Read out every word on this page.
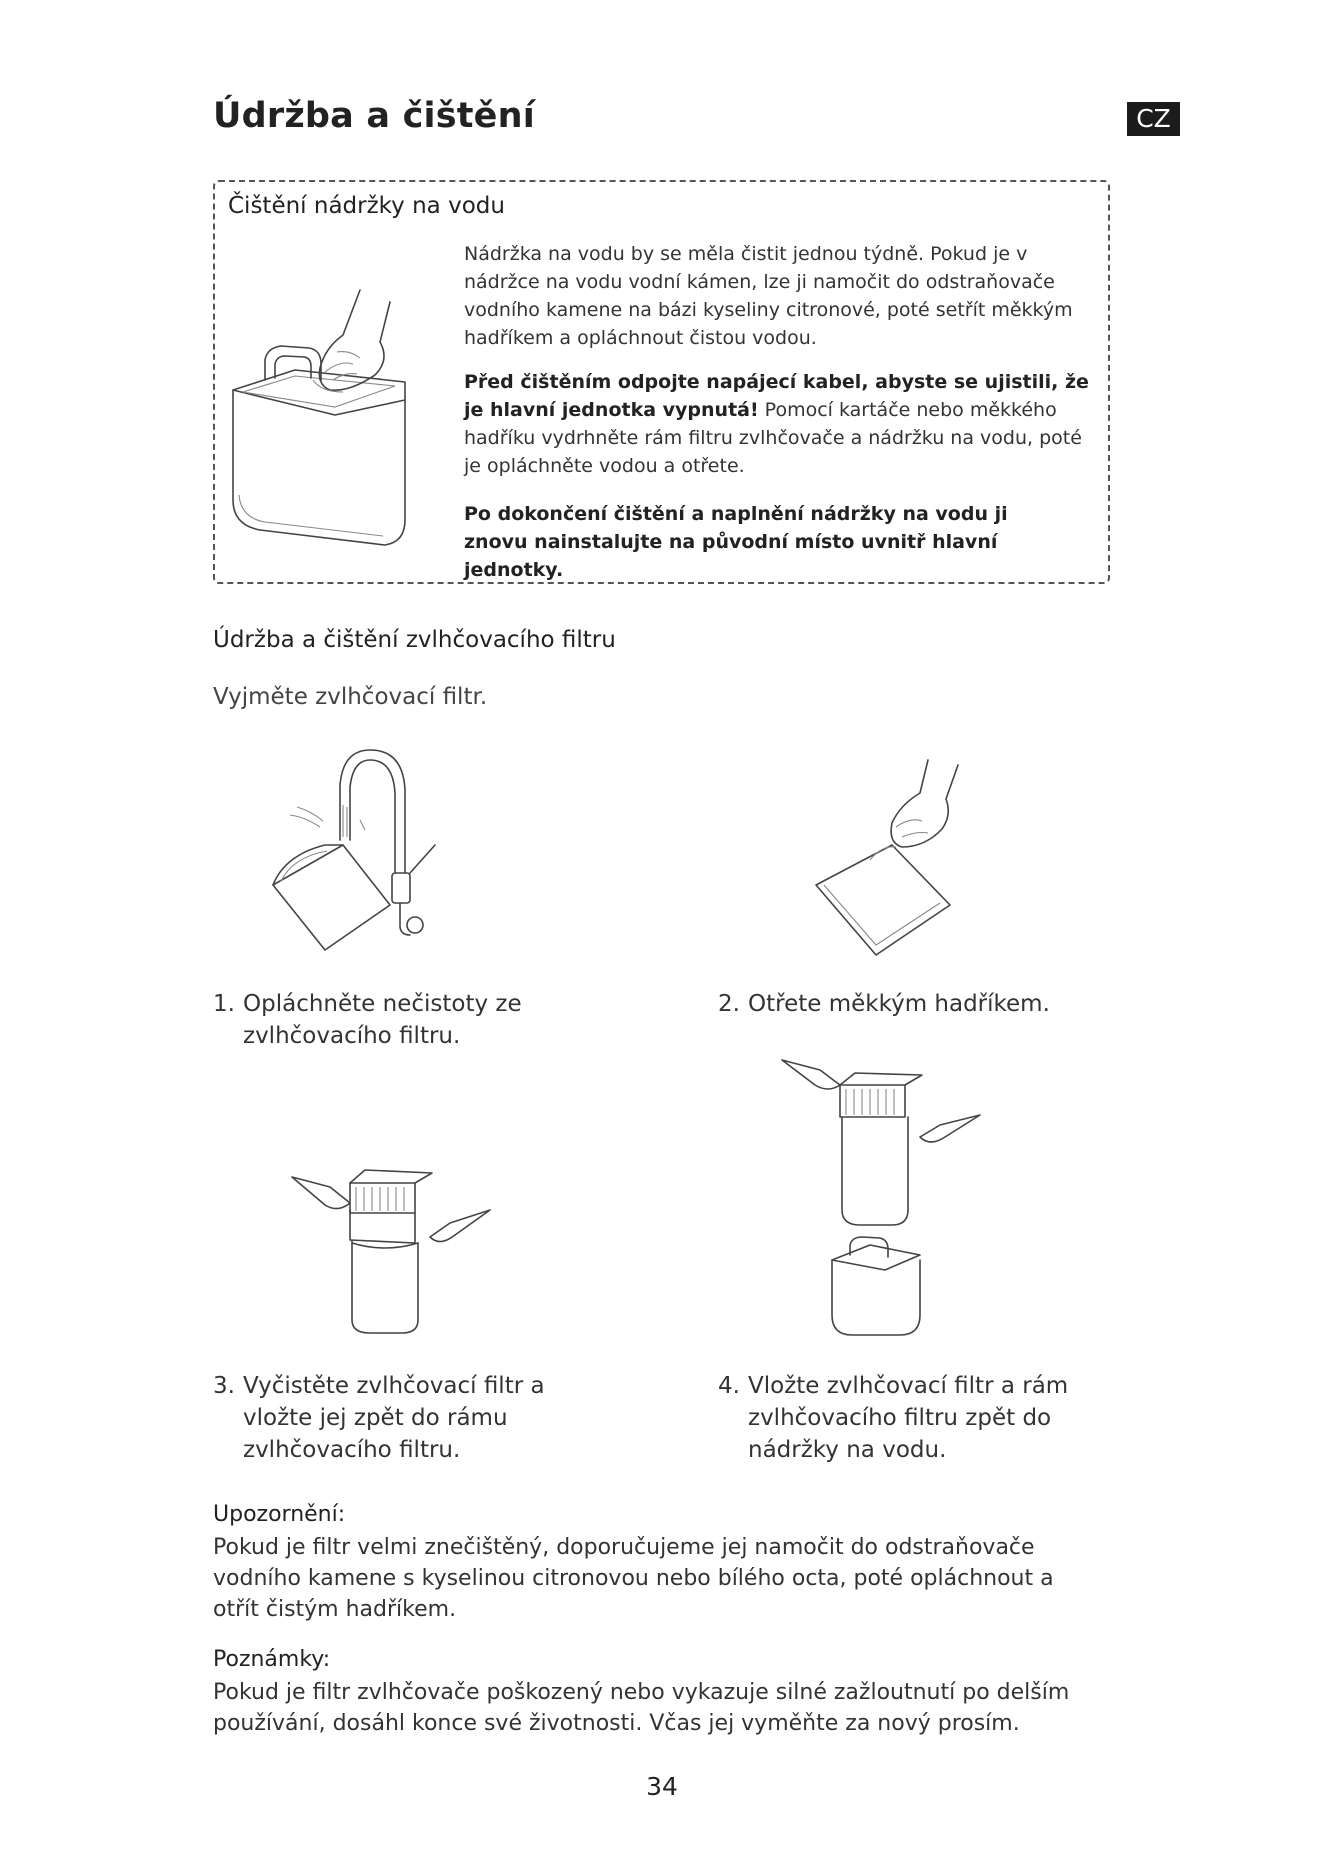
Údržba a čištění	CZ
Čištění nádržky na vodu
Nádržka na vodu by se měla čistit jednou týdně. Pokud je v nádržce na vodu vodní kámen, lze ji namočit do odstraňovače vodního kamene na bázi kyseliny citronové, poté setřít měkkým hadříkem a opláchnout čistou vodou.
Před čištěním odpojte napájecí kabel, abyste se ujistili, že je hlavní jednotka vypnutá! Pomocí kartáče nebo měkkého hadříku vydrhněte rám filtru zvlhčovače a nádržku na vodu, poté je opláchněte vodou a otřete.
Po dokončení čištění a naplnění nádržky na vodu ji znovu nainstalujte na původní místo uvnitř hlavní jednotky.
Údržba a čištění zvlhčovacího filtru
Vyjměte zvlhčovací filtr.
1. Opláchněte nečistoty ze zvlhčovacího filtru.
2. Otřete měkkým hadříkem.
3. Vyčistěte zvlhčovací filtr a vložte jej zpět do rámu zvlhčovacího filtru.
4. Vložte zvlhčovací filtr a rám zvlhčovacího filtru zpět do nádržky na vodu.
Upozornění:
Pokud je filtr velmi znečištěný, doporučujeme jej namočit do odstraňovače vodního kamene s kyselinou citronovou nebo bílého octa, poté opláchnout a otřít čistým hadříkem.
Poznámky:
Pokud je filtr zvlhčovače poškozený nebo vykazuje silné zažloutnutí po delším používání, dosáhl konce své životnosti. Včas jej vyměňte za nový prosím.
34
